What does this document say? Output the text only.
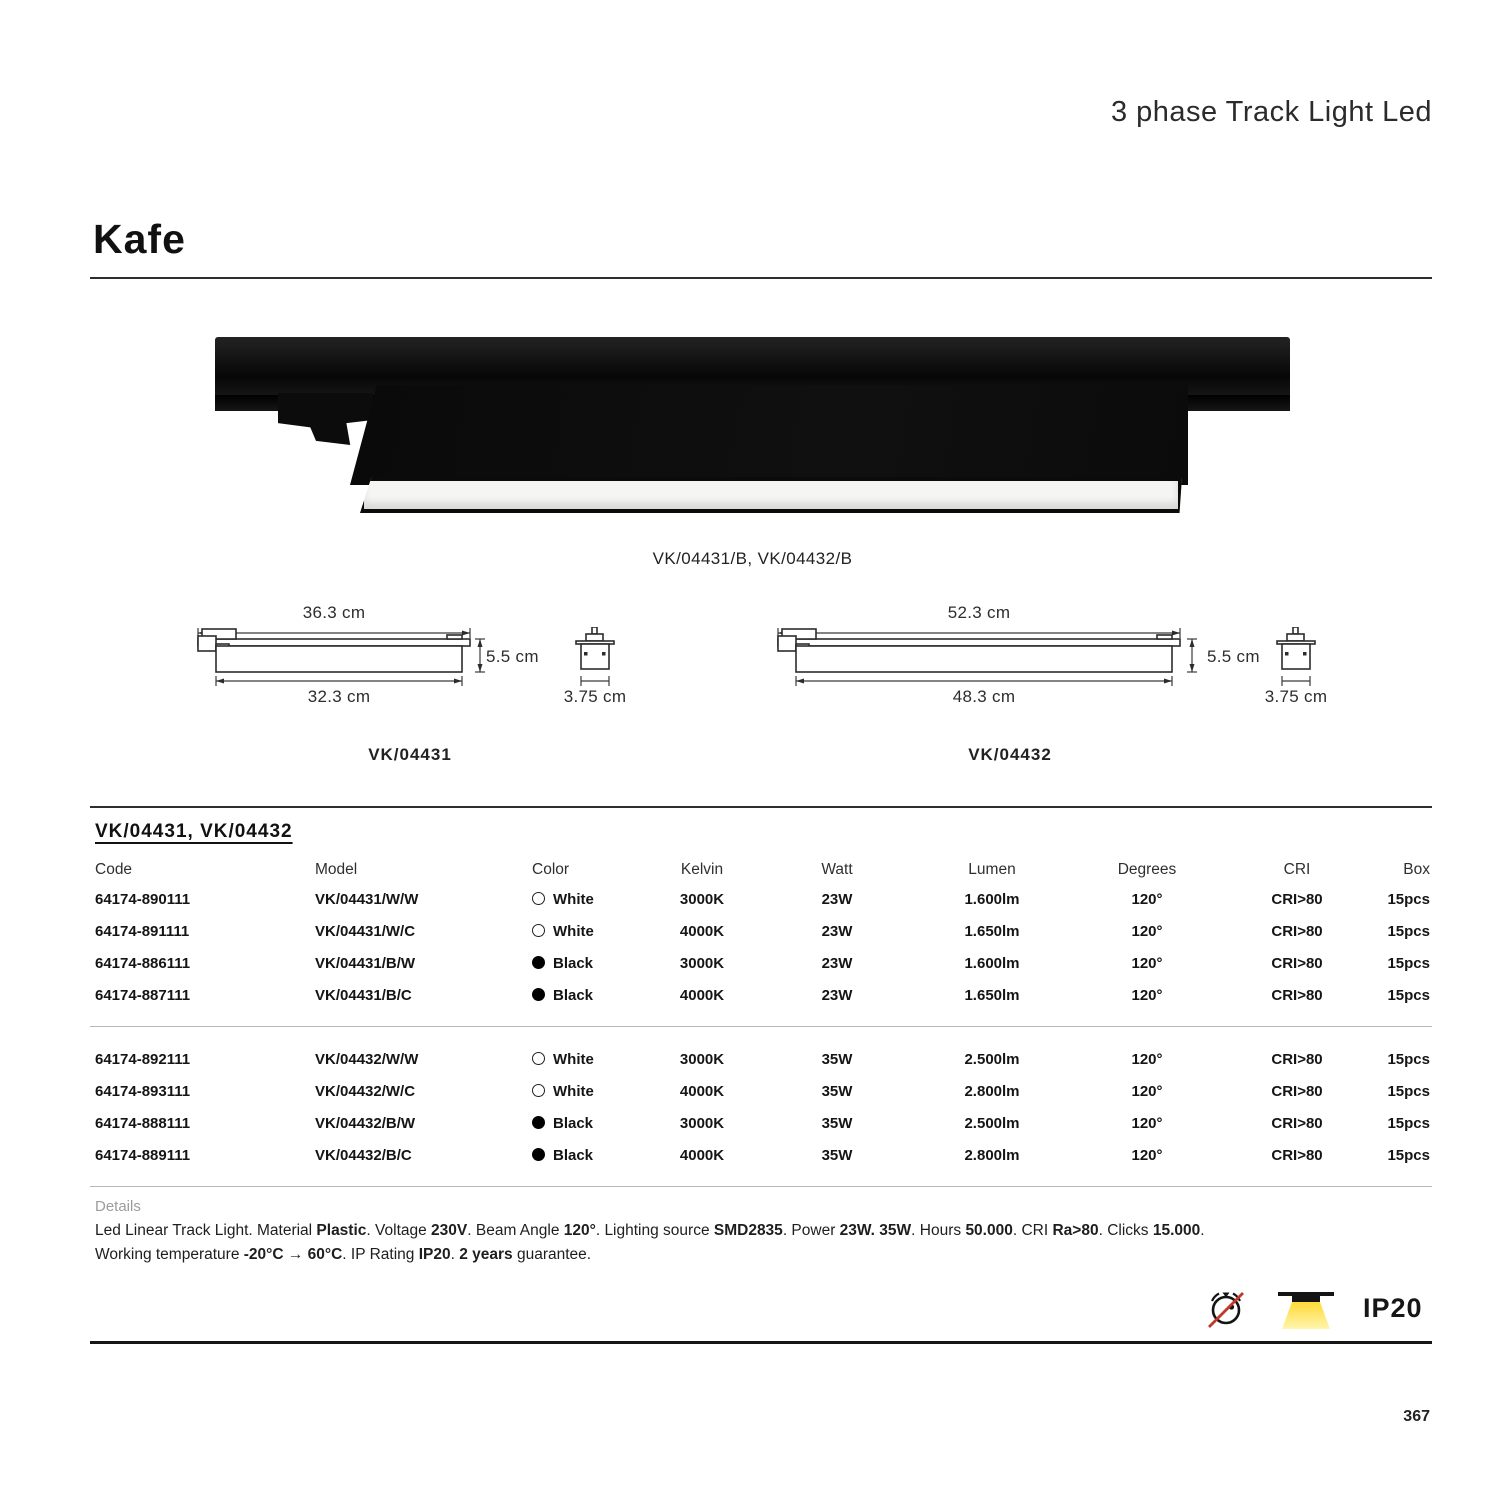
3 phase Track Light Led
Kafe
VK/04431/B, VK/04432/B
36.3 cm
5.5 cm
32.3 cm	3.75 cm
VK/04431
52.3 cm
5.5 cm
48.3 cm	3.75 cm
VK/04432
VK/04431, VK/04432
Code	Model	Color	Kelvin	Watt	Lumen	Degrees	CRI	Box
64174-890111	VK/04431/W/W	White	3000K	23W	1.600lm	120°	CRI>80	15pcs
64174-891111	VK/04431/W/C	White	4000K	23W	1.650lm	120°	CRI>80	15pcs
64174-886111	VK/04431/B/W	Black	3000K	23W	1.600lm	120°	CRI>80	15pcs
64174-887111	VK/04431/B/C	Black	4000K	23W	1.650lm	120°	CRI>80	15pcs
64174-892111	VK/04432/W/W	White	3000K	35W	2.500lm	120°	CRI>80	15pcs
64174-893111	VK/04432/W/C	White	4000K	35W	2.800lm	120°	CRI>80	15pcs
64174-888111	VK/04432/B/W	Black	3000K	35W	2.500lm	120°	CRI>80	15pcs
64174-889111	VK/04432/B/C	Black	4000K	35W	2.800lm	120°	CRI>80	15pcs
Details
Led Linear Track Light. Material Plastic. Voltage 230V. Beam Angle 120°. Lighting source SMD2835. Power 23W. 35W. Hours 50.000. CRI Ra>80. Clicks 15.000.
Working temperature -20°C → 60°C. IP Rating IP20. 2 years guarantee.
IP20
367
